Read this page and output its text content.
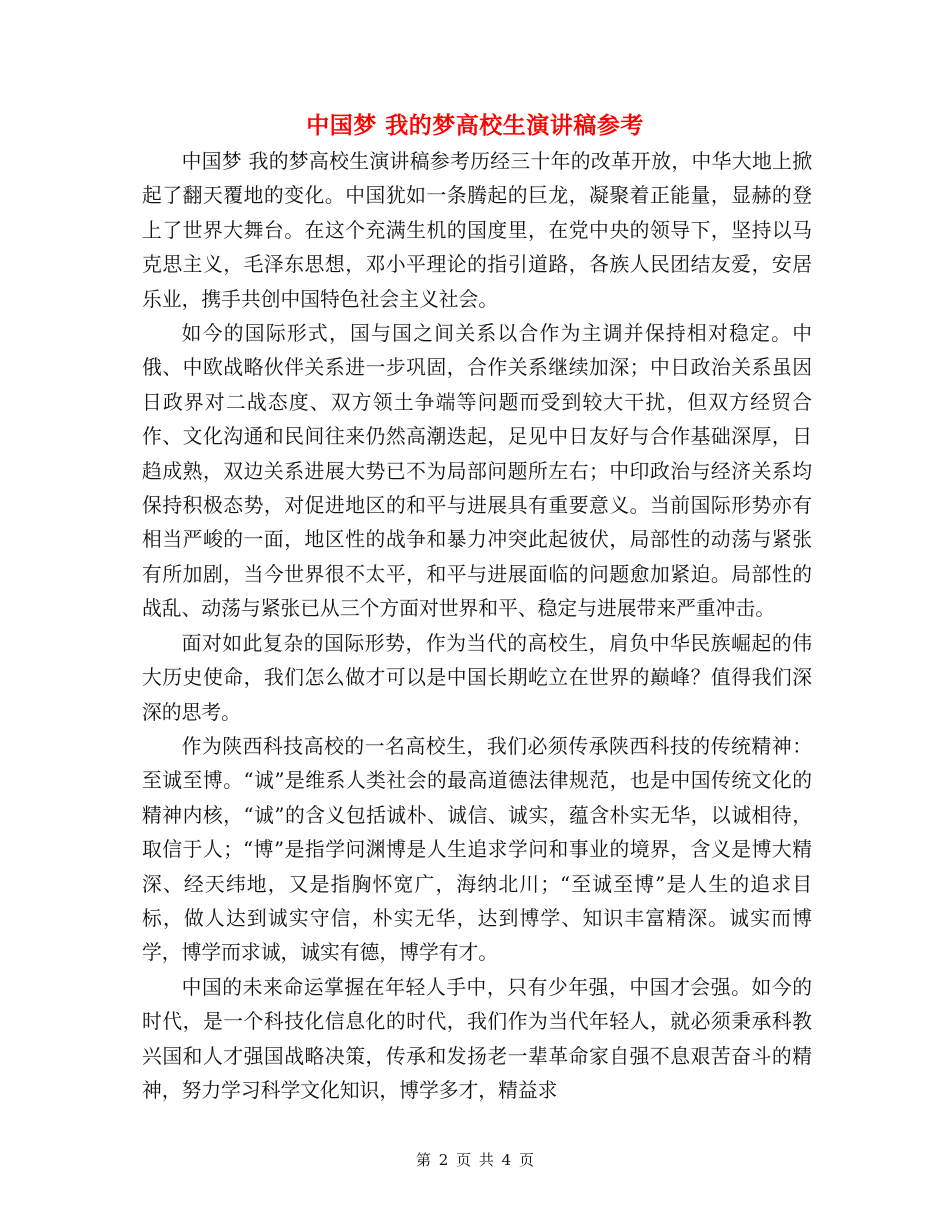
中国梦 我的梦高校生演讲稿参考

中国梦 我的梦高校生演讲稿参考历经三十年的改革开放，中华大地上掀起了翻天覆地的变化。中国犹如一条腾起的巨龙，凝聚着正能量，显赫的登上了世界大舞台。在这个充满生机的国度里，在党中央的领导下，坚持以马克思主义，毛泽东思想，邓小平理论的指引道路，各族人民团结友爱，安居乐业，携手共创中国特色社会主义社会。

如今的国际形式，国与国之间关系以合作为主调并保持相对稳定。中俄、中欧战略伙伴关系进一步巩固，合作关系继续加深；中日政治关系虽因日政界对二战态度、双方领土争端等问题而受到较大干扰，但双方经贸合作、文化沟通和民间往来仍然高潮迭起，足见中日友好与合作基础深厚，日趋成熟，双边关系进展大势已不为局部问题所左右；中印政治与经济关系均保持积极态势，对促进地区的和平与进展具有重要意义。当前国际形势亦有相当严峻的一面，地区性的战争和暴力冲突此起彼伏，局部性的动荡与紧张有所加剧，当今世界很不太平，和平与进展面临的问题愈加紧迫。局部性的战乱、动荡与紧张已从三个方面对世界和平、稳定与进展带来严重冲击。

面对如此复杂的国际形势，作为当代的高校生，肩负中华民族崛起的伟大历史使命，我们怎么做才可以是中国长期屹立在世界的巅峰？值得我们深深的思考。

作为陕西科技高校的一名高校生，我们必须传承陕西科技的传统精神：至诚至博。“诚”是维系人类社会的最高道德法律规范，也是中国传统文化的精神内核，“诚”的含义包括诚朴、诚信、诚实，蕴含朴实无华，以诚相待，取信于人；“博”是指学问渊博是人生追求学问和事业的境界，含义是博大精深、经天纬地，又是指胸怀宽广，海纳北川；“至诚至博”是人生的追求目标，做人达到诚实守信，朴实无华，达到博学、知识丰富精深。诚实而博学，博学而求诚，诚实有德，博学有才。

中国的未来命运掌握在年轻人手中，只有少年强，中国才会强。如今的时代，是一个科技化信息化的时代，我们作为当代年轻人，就必须秉承科教兴国和人才强国战略决策，传承和发扬老一辈革命家自强不息艰苦奋斗的精神，努力学习科学文化知识，博学多才，精益求

第 2 页 共 4 页
